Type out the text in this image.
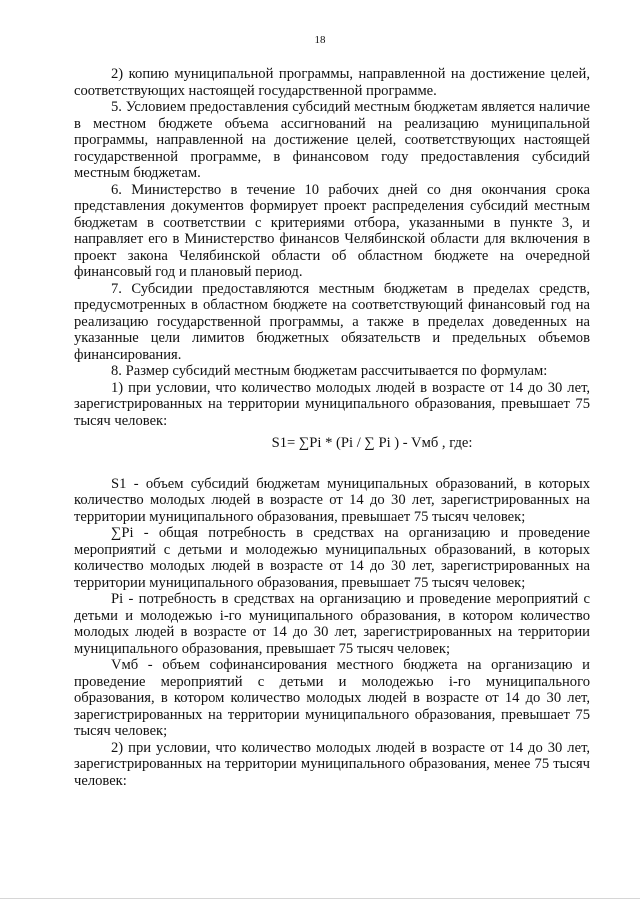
18

2) копию муниципальной программы, направленной на достижение целей, соответствующих настоящей государственной программе.

5. Условием предоставления субсидий местным бюджетам является наличие в местном бюджете объема ассигнований на реализацию муниципальной программы, направленной на достижение целей, соответствующих настоящей государственной программе, в финансовом году предоставления субсидий местным бюджетам.

6. Министерство в течение 10 рабочих дней со дня окончания срока представления документов формирует проект распределения субсидий местным бюджетам в соответствии с критериями отбора, указанными в пункте 3, и направляет его в Министерство финансов Челябинской области для включения в проект закона Челябинской области об областном бюджете на очередной финансовый год и плановый период.

7. Субсидии предоставляются местным бюджетам в пределах средств, предусмотренных в областном бюджете на соответствующий финансовый год на реализацию государственной программы, а также в пределах доведенных на указанные цели лимитов бюджетных обязательств и предельных объемов финансирования.

8. Размер субсидий местным бюджетам рассчитывается по формулам:

1) при условии, что количество молодых людей в возрасте от 14 до 30 лет, зарегистрированных на территории муниципального образования, превышает 75 тысяч человек:

S1= ∑Pi * (Pi / ∑ Pi ) - Vмб , где:

S1 - объем субсидий бюджетам муниципальных образований, в которых количество молодых людей в возрасте от 14 до 30 лет, зарегистрированных на территории муниципального образования, превышает 75 тысяч человек;

∑Pi - общая потребность в средствах на организацию и проведение мероприятий с детьми и молодежью муниципальных образований, в которых количество молодых людей в возрасте от 14 до 30 лет, зарегистрированных на территории муниципального образования, превышает 75 тысяч человек;

Pi - потребность в средствах на организацию и проведение мероприятий с детьми и молодежью i-го муниципального образования, в котором количество молодых людей в возрасте от 14 до 30 лет, зарегистрированных на территории муниципального образования, превышает 75 тысяч человек;

Vмб - объем софинансирования местного бюджета на организацию и проведение мероприятий с детьми и молодежью i-го муниципального образования, в котором количество молодых людей в возрасте от 14 до 30 лет, зарегистрированных на территории муниципального образования, превышает 75 тысяч человек;

2) при условии, что количество молодых людей в возрасте от 14 до 30 лет, зарегистрированных на территории муниципального образования, менее 75 тысяч человек:
